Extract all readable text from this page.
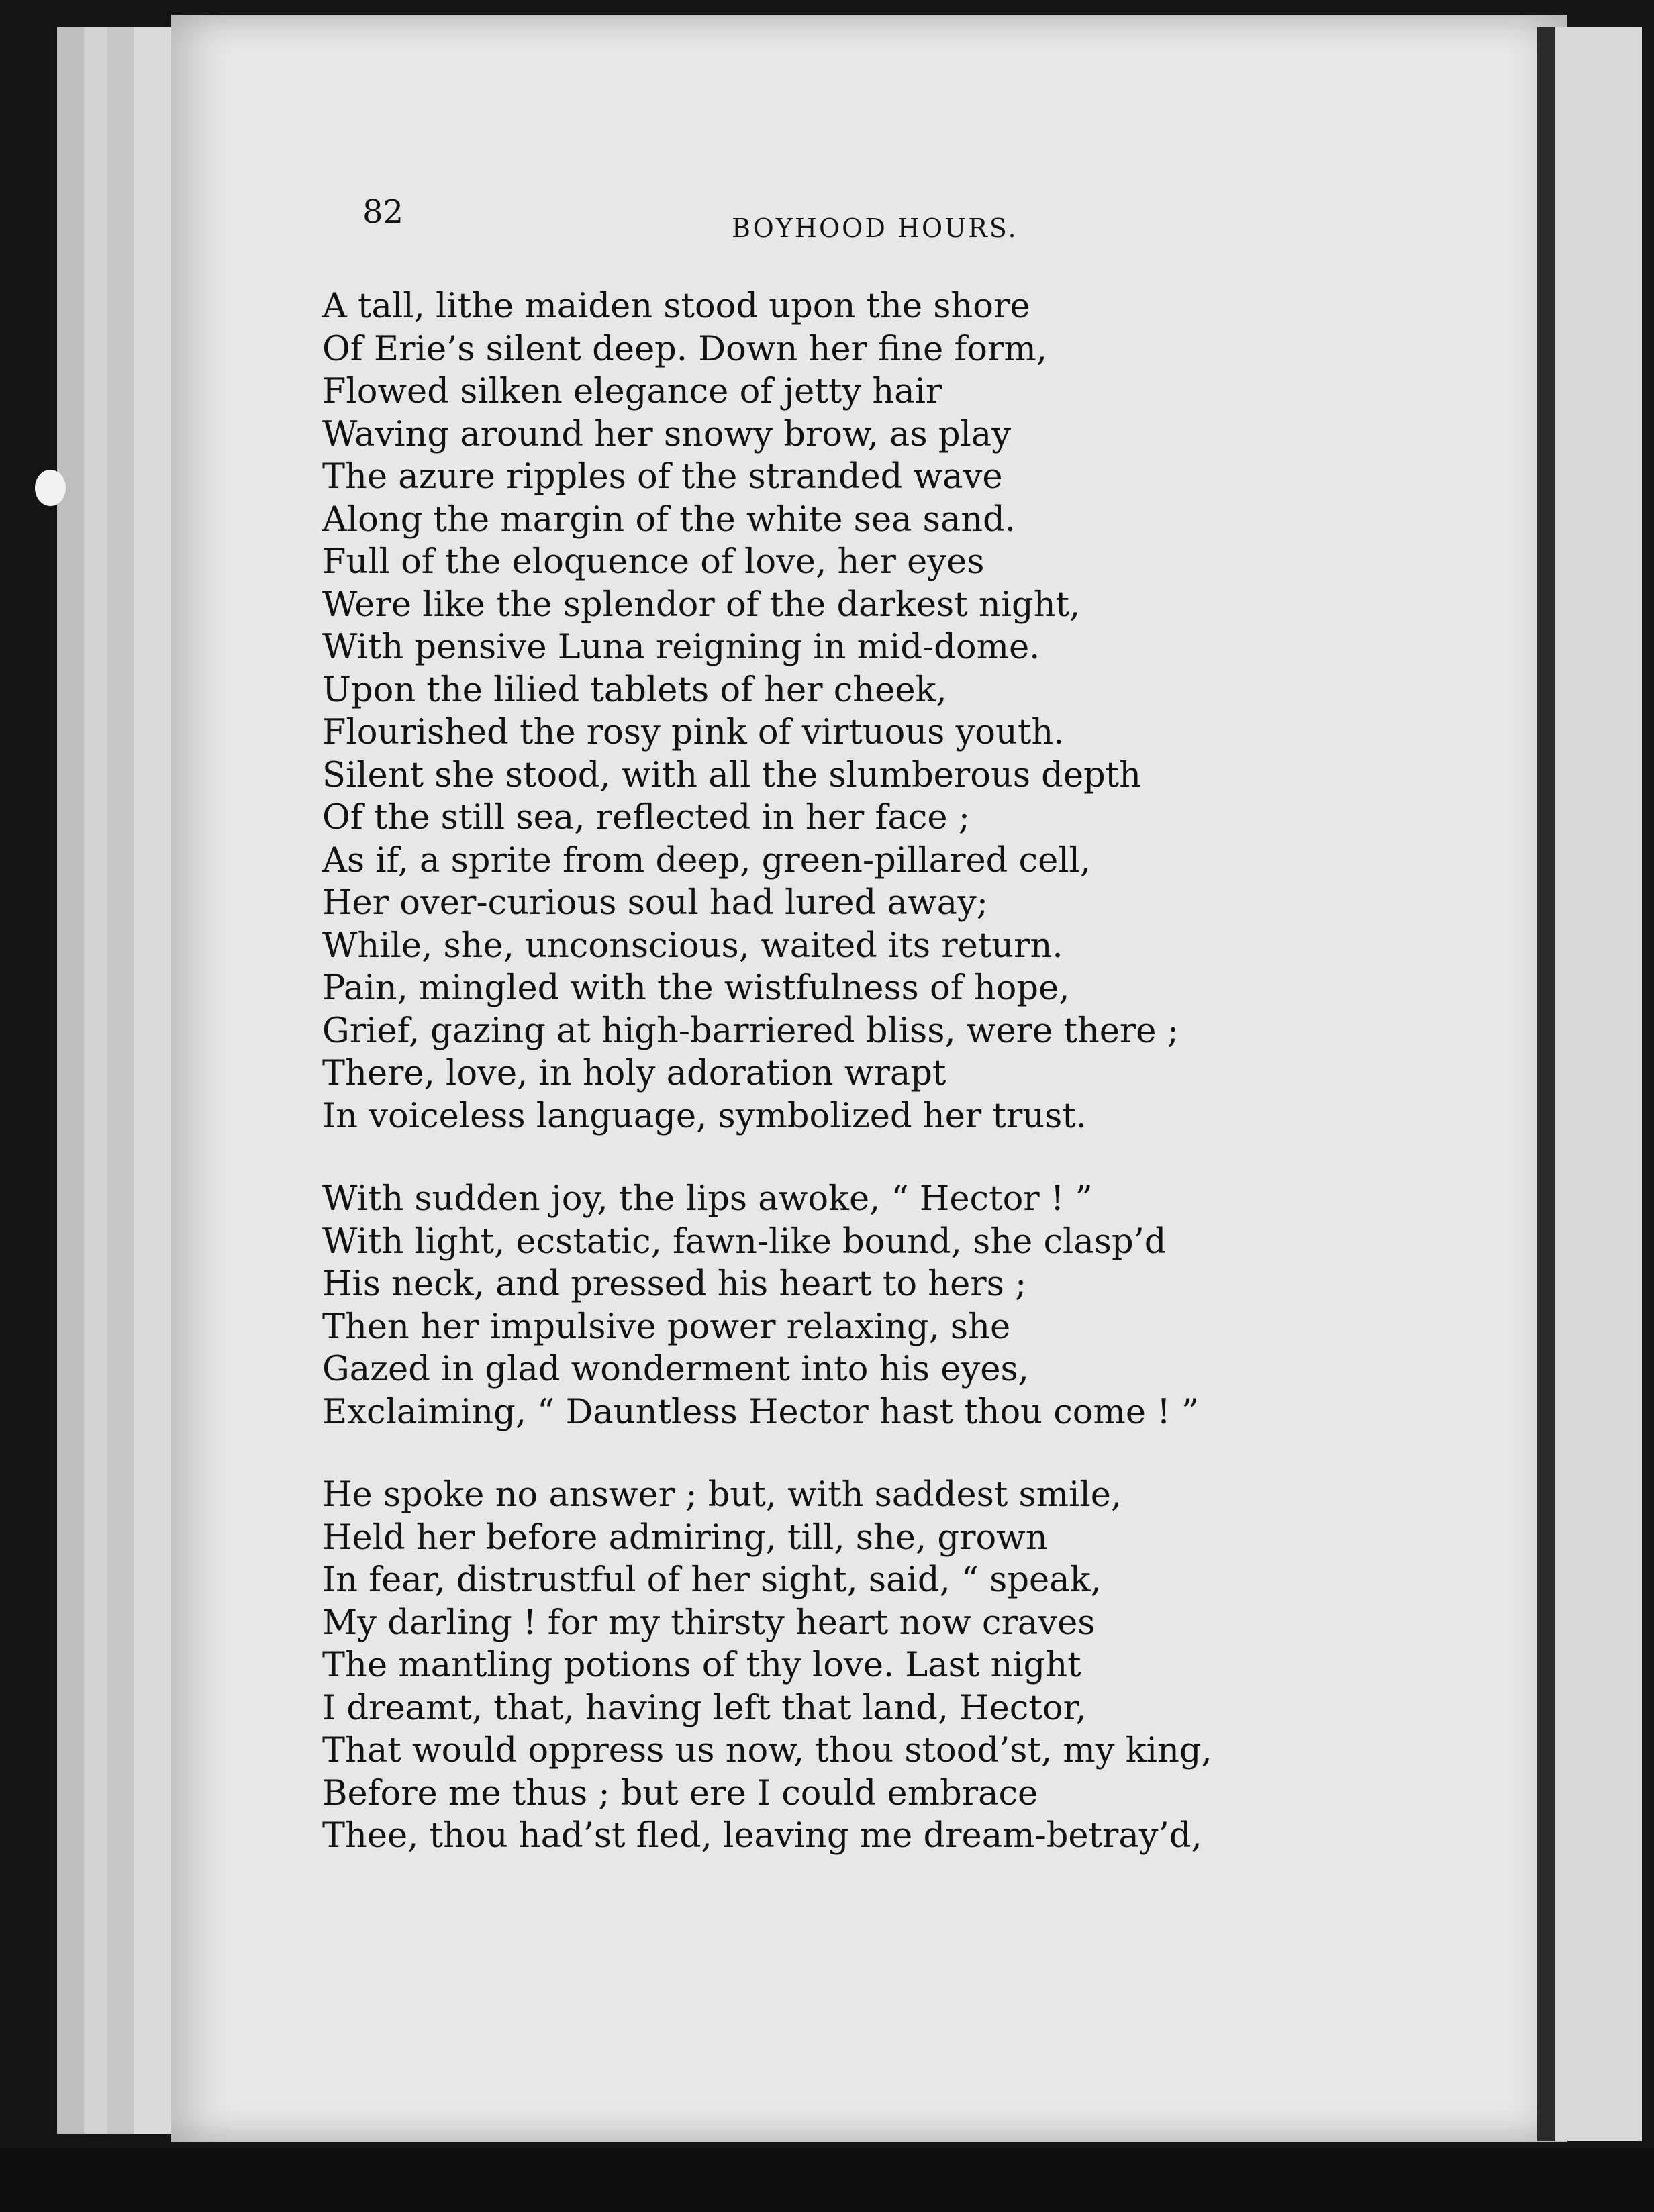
82	BOYHOOD HOURS.
A tall, lithe maiden stood upon the shore
Of Erie’s silent deep. Down her fine form,
Flowed silken elegance of jetty hair
Waving around her snowy brow, as play
The azure ripples of the stranded wave
Along the margin of the white sea sand.
Full of the eloquence of love, her eyes
Were like the splendor of the darkest night,
With pensive Luna reigning in mid-dome.
Upon the lilied tablets of her cheek,
Flourished the rosy pink of virtuous youth.
Silent she stood, with all the slumberous depth
Of the still sea, reflected in her face ;
As if, a sprite from deep, green-pillared cell,
Her over-curious soul had lured away;
While, she, unconscious, waited its return.
Pain, mingled with the wistfulness of hope,
Grief, gazing at high-barriered bliss, were there ;
There, love, in holy adoration wrapt
In voiceless language, symbolized her trust.
With sudden joy, the lips awoke, “ Hector ! ”
With light, ecstatic, fawn-like bound, she clasp’d
His neck, and pressed his heart to hers ;
Then her impulsive power relaxing, she
Gazed in glad wonderment into his eyes,
Exclaiming, “ Dauntless Hector hast thou come ! ”
He spoke no answer ; but, with saddest smile,
Held her before admiring, till, she, grown
In fear, distrustful of her sight, said, “ speak,
My darling ! for my thirsty heart now craves
The mantling potions of thy love. Last night
I dreamt, that, having left that land, Hector,
That would oppress us now, thou stood’st, my king,
Before me thus ; but ere I could embrace
Thee, thou had’st fled, leaving me dream-betray’d,
